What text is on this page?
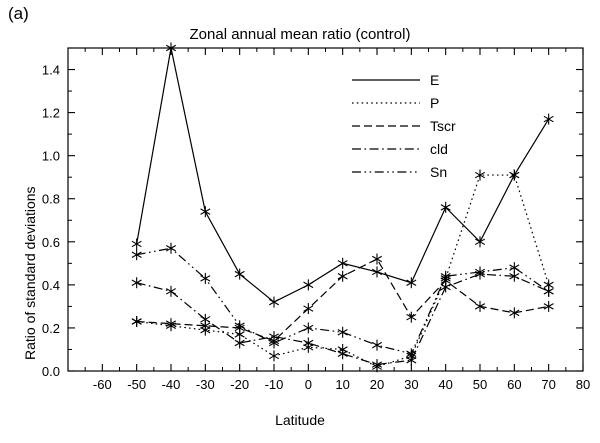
(a)
Zonal annual mean ratio (control)
Ratio of standard deviations
Latitude
-60 -50 -40 -30 -20 -10 0 10 20 30 40 50 60 70 80
0.0
0.2
0.4
0.6
0.8
1.0
1.2
1.4
E
P
Tscr
cld
Sn
